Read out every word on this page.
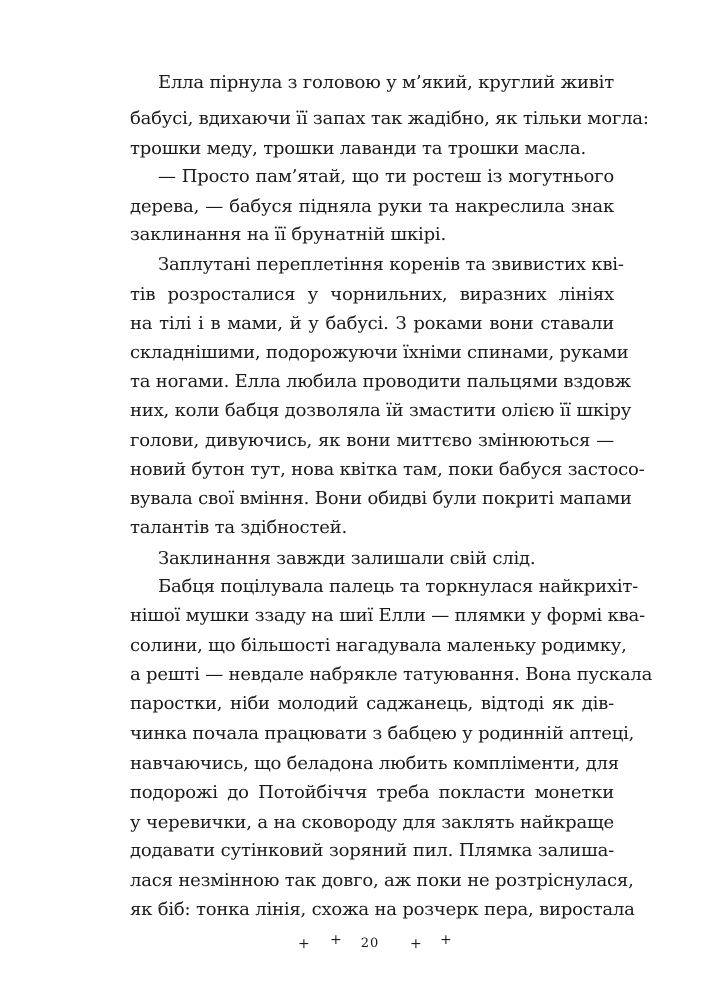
Елла пірнула з головою у м’який, круглий живіт
бабусі, вдихаючи її запах так жадібно, як тільки могла:
трошки меду, трошки лаванди та трошки масла.
— Просто пам’ятай, що ти ростеш із могутнього
дерева, — бабуся підняла руки та накреслила знак
заклинання на її брунатній шкірі.
Заплутані переплетіння коренів та звивистих кві-
тів розросталися у чорнильних, виразних лініях
на тілі і в мами, й у бабусі. З роками вони ставали
складнішими, подорожуючи їхніми спинами, руками
та ногами. Елла любила проводити пальцями вздовж
них, коли бабця дозволяла їй змастити олією її шкіру
голови, дивуючись, як вони миттєво змінюються —
новий бутон тут, нова квітка там, поки бабуся застосо-
вувала свої вміння. Вони обидві були покриті мапами
талантів та здібностей.
Заклинання завжди залишали свій слід.
Бабця поцілувала палець та торкнулася найкрихіт-
нішої мушки ззаду на шиї Елли — плямки у формі ква-
солини, що більшості нагадувала маленьку родимку,
а решті — невдале набрякле татуювання. Вона пускала
паростки, ніби молодий саджанець, відтоді як дів-
чинка почала працювати з бабцею у родинній аптеці,
навчаючись, що беладона любить компліменти, для
подорожі до Потойбіччя треба покласти монетки
у черевички, а на сковороду для заклять найкраще
додавати сутінковий зоряний пил. Плямка залиша-
лася незмінною так довго, аж поки не розтріснулася,
як біб: тонка лінія, схожа на розчерк пера, виростала
+ +	20	+ +
